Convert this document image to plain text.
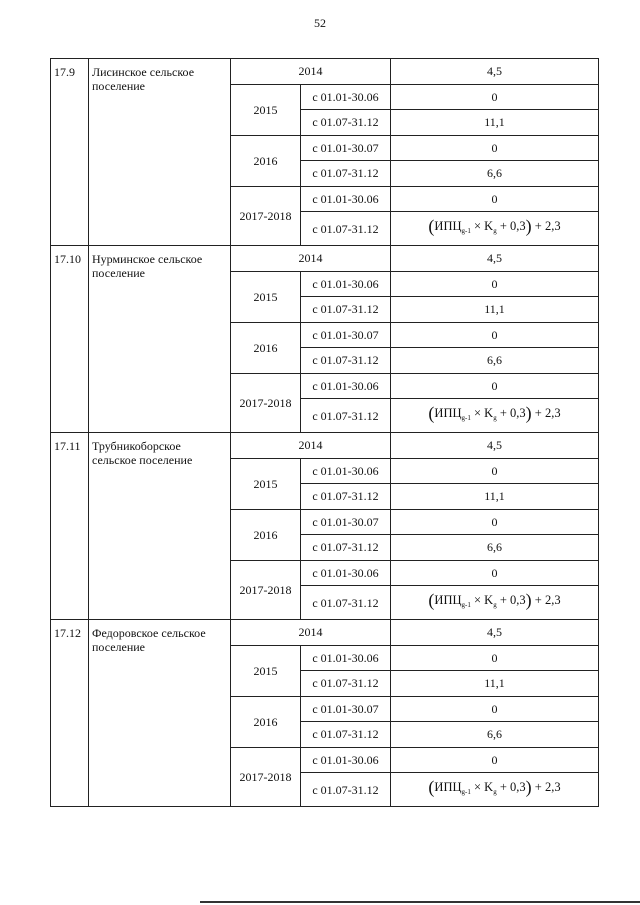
52
17.9	Лисинское сельское поселение	2014		4,5
		2015	с 01.01-30.06	0
			с 01.07-31.12	11,1
		2016	с 01.01-30.07	0
			с 01.07-31.12	6,6
		2017-2018	с 01.01-30.06	0
			с 01.07-31.12	$(ИПЦ_{g-1} \times K_g + 0,3) + 2,3$
17.10	Нурминское сельское поселение	2014		4,5
		2015	с 01.01-30.06	0
			с 01.07-31.12	11,1
		2016	с 01.01-30.07	0
			с 01.07-31.12	6,6
		2017-2018	с 01.01-30.06	0
			с 01.07-31.12	$(ИПЦ_{g-1} \times K_g + 0,3) + 2,3$
17.11	Трубникоборское сельское поселение	2014		4,5
		2015	с 01.01-30.06	0
			с 01.07-31.12	11,1
		2016	с 01.01-30.07	0
			с 01.07-31.12	6,6
		2017-2018	с 01.01-30.06	0
			с 01.07-31.12	$(ИПЦ_{g-1} \times K_g + 0,3) + 2,3$
17.12	Федоровское сельское поселение	2014		4,5
		2015	с 01.01-30.06	0
			с 01.07-31.12	11,1
		2016	с 01.01-30.07	0
			с 01.07-31.12	6,6
		2017-2018	с 01.01-30.06	0
			с 01.07-31.12	$(ИПЦ_{g-1} \times K_g + 0,3) + 2,3$
